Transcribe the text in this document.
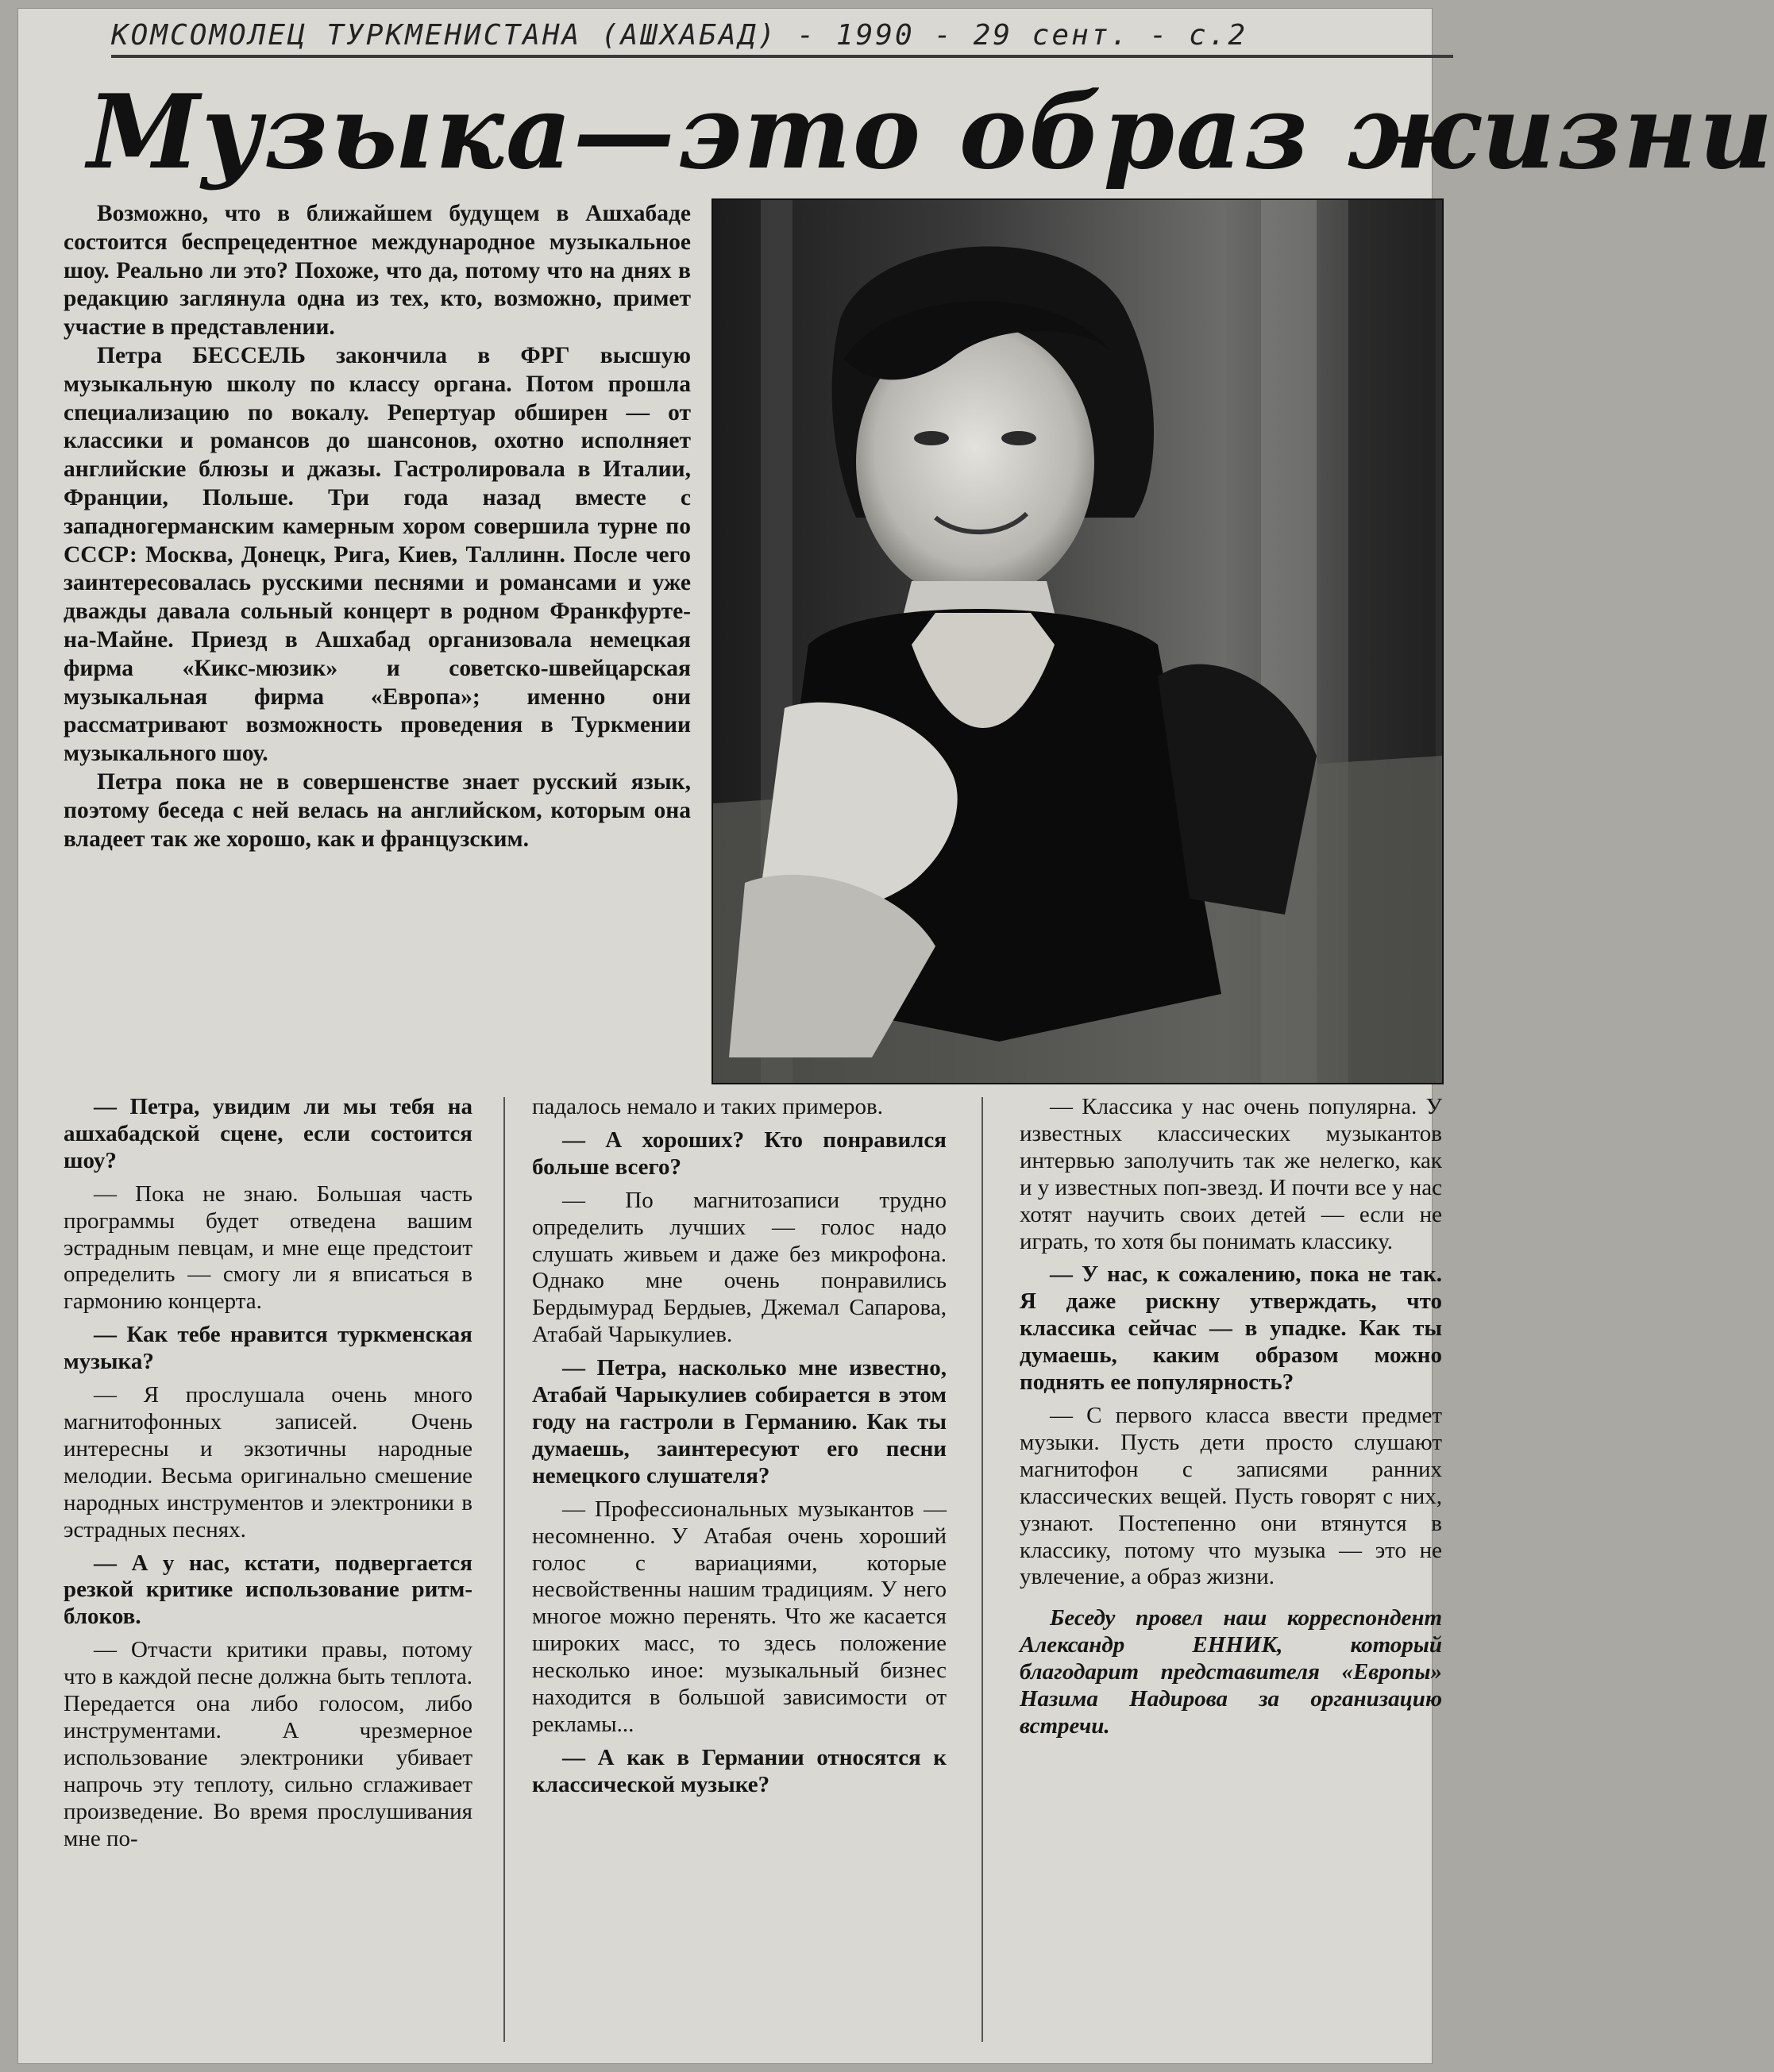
КОМСОМОЛЕЦ ТУРКМЕНИСТАНА (АШХАБАД) - 1990 - 29 сент. - с.2
Музыка—это образ жизни

Возможно, что в ближайшем будущем в Ашхабаде состоится беспрецедентное международное музыкальное шоу. Реально ли это? Похоже, что да, потому что на днях в редакцию заглянула одна из тех, кто, возможно, примет участие в представлении.

Петра БЕССЕЛЬ закончила в ФРГ высшую музыкальную школу по классу органа. Потом прошла специализацию по вокалу. Репертуар обширен — от классики и романсов до шансонов, охотно исполняет английские блюзы и джазы. Гастролировала в Италии, Франции, Польше. Три года назад вместе с западногерманским камерным хором совершила турне по СССР: Москва, Донецк, Рига, Киев, Таллинн. После чего заинтересовалась русскими песнями и романсами и уже дважды давала сольный концерт в родном Франкфурте-на-Майне. Приезд в Ашхабад организовала немецкая фирма «Кикс-мюзик» и советско-швейцарская музыкальная фирма «Европа»; именно они рассматривают возможность проведения в Туркмении музыкального шоу.

Петра пока не в совершенстве знает русский язык, поэтому беседа с ней велась на английском, которым она владеет так же хорошо, как и французским.

— Петра, увидим ли мы тебя на ашхабадской сцене, если состоится шоу?

— Пока не знаю. Большая часть программы будет отведена вашим эстрадным певцам, и мне еще предстоит определить — смогу ли я вписаться в гармонию концерта.

— Как тебе нравится туркменская музыка?

— Я прослушала очень много магнитофонных записей. Очень интересны и экзотичны народные мелодии. Весьма оригинально смешение народных инструментов и электроники в эстрадных песнях.

— А у нас, кстати, подвергается резкой критике использование ритм-блоков.

— Отчасти критики правы, потому что в каждой песне должна быть теплота. Передается она либо голосом, либо инструментами. А чрезмерное использование электроники убивает напрочь эту теплоту, сильно сглаживает произведение. Во время прослушивания мне по-

падалось немало и таких примеров.

— А хороших? Кто понравился больше всего?

— По магнитозаписи трудно определить лучших — голос надо слушать живьем и даже без микрофона. Однако мне очень понравились Бердымурад Бердыев, Джемал Сапарова, Атабай Чарыкулиев.

— Петра, насколько мне известно, Атабай Чарыкулиев собирается в этом году на гастроли в Германию. Как ты думаешь, заинтересуют его песни немецкого слушателя?

— Профессиональных музыкантов — несомненно. У Атабая очень хороший голос с вариациями, которые несвойственны нашим традициям. У него многое можно перенять. Что же касается широких масс, то здесь положение несколько иное: музыкальный бизнес находится в большой зависимости от рекламы...

— А как в Германии относятся к классической музыке?

— Классика у нас очень популярна. У известных классических музыкантов интервью заполучить так же нелегко, как и у известных поп-звезд. И почти все у нас хотят научить своих детей — если не играть, то хотя бы понимать классику.

— У нас, к сожалению, пока не так. Я даже рискну утверждать, что классика сейчас — в упадке. Как ты думаешь, каким образом можно поднять ее популярность?

— С первого класса ввести предмет музыки. Пусть дети просто слушают магнитофон с записями ранних классических вещей. Пусть говорят с них, узнают. Постепенно они втянутся в классику, потому что музыка — это не увлечение, а образ жизни.

Беседу провел наш корреспондент Александр ЕННИК, который благодарит представителя «Европы» Назима Надирова за организацию встречи.
